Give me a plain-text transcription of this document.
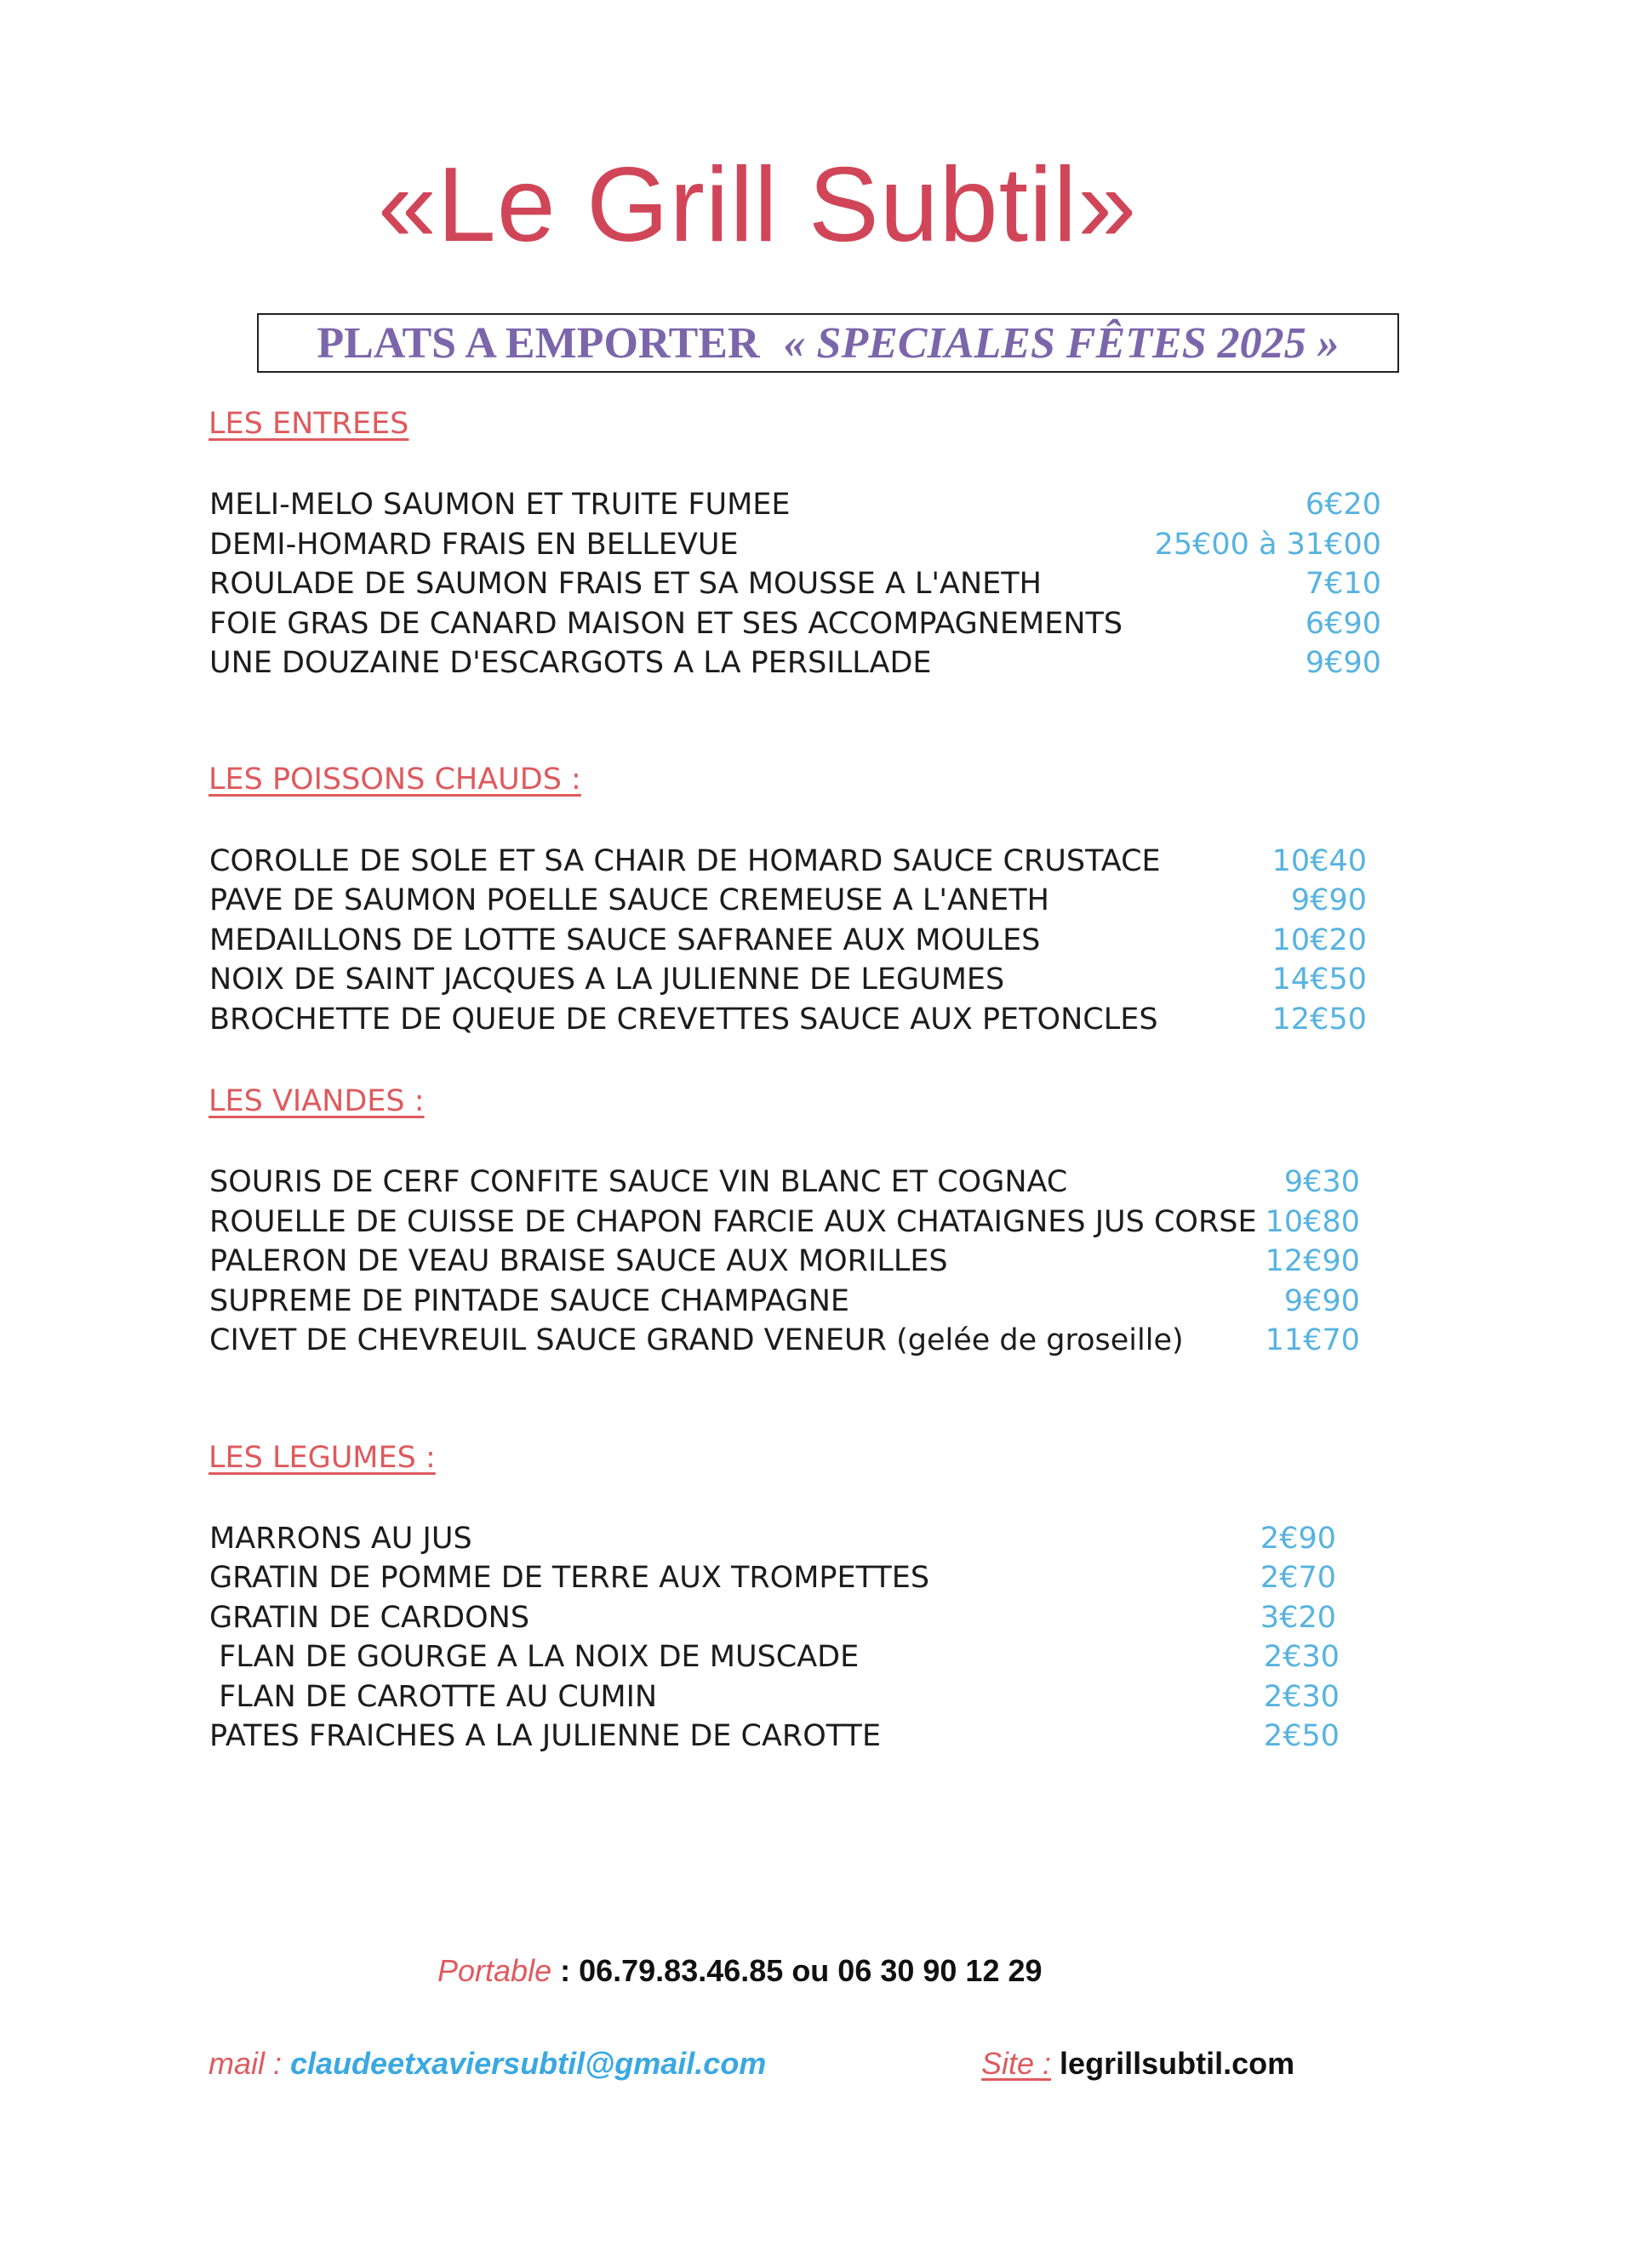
«Le Grill Subtil»
PLATS A EMPORTER « SPECIALES FÊTES 2025 »
LES ENTREES
MELI-MELO SAUMON ET TRUITE FUMEE	6€20
DEMI-HOMARD FRAIS EN BELLEVUE	25€00 à 31€00
ROULADE DE SAUMON FRAIS ET SA MOUSSE A L'ANETH	7€10
FOIE GRAS DE CANARD MAISON ET SES ACCOMPAGNEMENTS	6€90
UNE DOUZAINE D'ESCARGOTS A LA PERSILLADE	9€90
LES POISSONS CHAUDS :
COROLLE DE SOLE ET SA CHAIR DE HOMARD SAUCE CRUSTACE	10€40
PAVE DE SAUMON POELLE SAUCE CREMEUSE A L'ANETH	9€90
MEDAILLONS DE LOTTE SAUCE SAFRANEE AUX MOULES	10€20
NOIX DE SAINT JACQUES A LA JULIENNE DE LEGUMES	14€50
BROCHETTE DE QUEUE DE CREVETTES SAUCE AUX PETONCLES	12€50
LES VIANDES :
SOURIS DE CERF CONFITE SAUCE VIN BLANC ET COGNAC	9€30
ROUELLE DE CUISSE DE CHAPON FARCIE AUX CHATAIGNES JUS CORSE 10€80
PALERON DE VEAU BRAISE SAUCE AUX MORILLES	12€90
SUPREME DE PINTADE SAUCE CHAMPAGNE	9€90
CIVET DE CHEVREUIL SAUCE GRAND VENEUR (gelée de groseille)	11€70
LES LEGUMES :
MARRONS AU JUS	2€90
GRATIN DE POMME DE TERRE AUX TROMPETTES	2€70
GRATIN DE CARDONS	3€20
FLAN DE GOURGE A LA NOIX DE MUSCADE	2€30
FLAN DE CAROTTE AU CUMIN	2€30
PATES FRAICHES A LA JULIENNE DE CAROTTE	2€50
Portable : 06.79.83.46.85 ou 06 30 90 12 29
mail : claudeetxaviersubtil@gmail.com	Site : legrillsubtil.com
